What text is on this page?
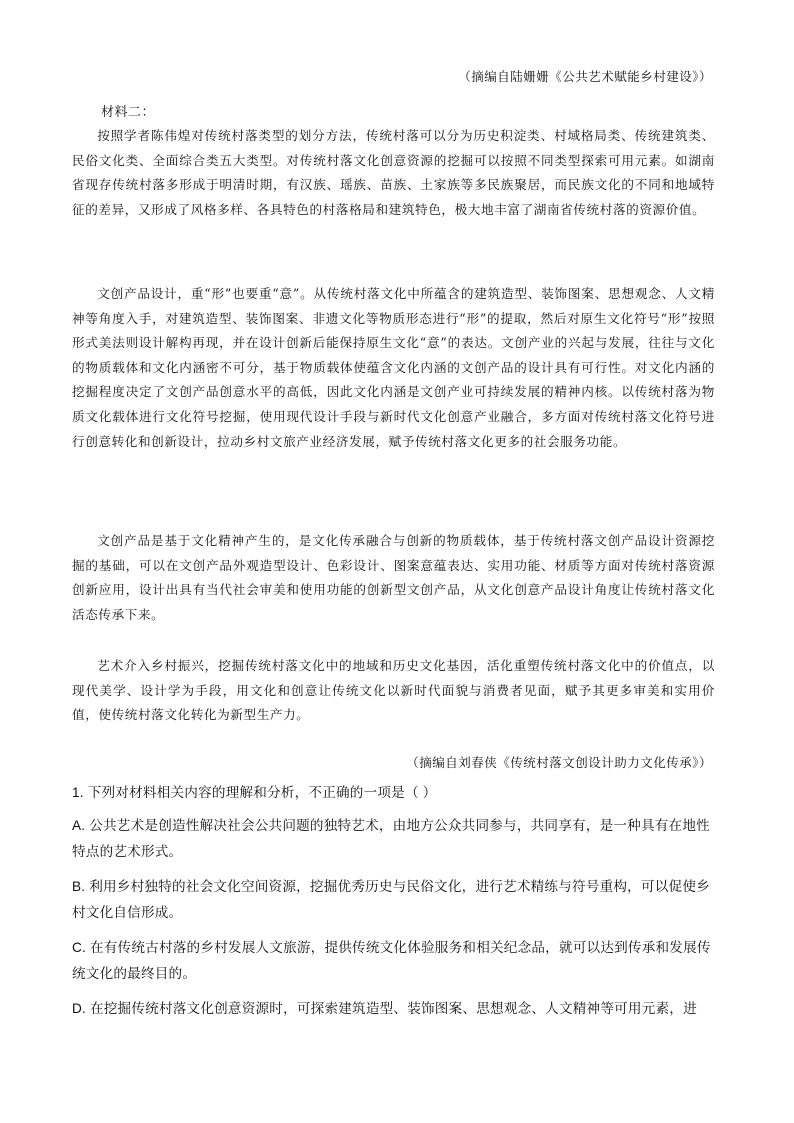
（摘编自陆姗姗《公共艺术赋能乡村建设》）
材料二：

按照学者陈伟煌对传统村落类型的划分方法，传统村落可以分为历史积淀类、村域格局类、传统建筑类、民俗文化类、全面综合类五大类型。对传统村落文化创意资源的挖掘可以按照不同类型探索可用元素。如湖南省现存传统村落多形成于明清时期，有汉族、瑶族、苗族、土家族等多民族聚居，而民族文化的不同和地域特征的差异，又形成了风格多样、各具特色的村落格局和建筑特色，极大地丰富了湖南省传统村落的资源价值。

文创产品设计，重“形”也要重“意”。从传统村落文化中所蕴含的建筑造型、装饰图案、思想观念、人文精神等角度入手，对建筑造型、装饰图案、非遗文化等物质形态进行“形”的提取，然后对原生文化符号“形”按照形式美法则设计解构再现，并在设计创新后能保持原生文化“意”的表达。文创产业的兴起与发展，往往与文化的物质载体和文化内涵密不可分，基于物质载体使蕴含文化内涵的文创产品的设计具有可行性。对文化内涵的挖掘程度决定了文创产品创意水平的高低，因此文化内涵是文创产业可持续发展的精神内核。以传统村落为物质文化载体进行文化符号挖掘，使用现代设计手段与新时代文化创意产业融合，多方面对传统村落文化符号进行创意转化和创新设计，拉动乡村文旅产业经济发展，赋予传统村落文化更多的社会服务功能。

文创产品是基于文化精神产生的，是文化传承融合与创新的物质载体，基于传统村落文创产品设计资源挖掘的基础，可以在文创产品外观造型设计、色彩设计、图案意蕴表达、实用功能、材质等方面对传统村落资源创新应用，设计出具有当代社会审美和使用功能的创新型文创产品，从文化创意产品设计角度让传统村落文化活态传承下来。

艺术介入乡村振兴，挖掘传统村落文化中的地域和历史文化基因，活化重塑传统村落文化中的价值点，以现代美学、设计学为手段，用文化和创意让传统文化以新时代面貌与消费者见面，赋予其更多审美和实用价值，使传统村落文化转化为新型生产力。

（摘编自刘春侠《传统村落文创设计助力文化传承》）

1. 下列对材料相关内容的理解和分析，不正确的一项是（ ）

A. 公共艺术是创造性解决社会公共问题的独特艺术，由地方公众共同参与，共同享有，是一种具有在地性特点的艺术形式。

B. 利用乡村独特的社会文化空间资源，挖掘优秀历史与民俗文化，进行艺术精练与符号重构，可以促使乡村文化自信形成。

C. 在有传统古村落的乡村发展人文旅游，提供传统文化体验服务和相关纪念品，就可以达到传承和发展传统文化的最终目的。

D. 在挖掘传统村落文化创意资源时，可探索建筑造型、装饰图案、思想观念、人文精神等可用元素，进
